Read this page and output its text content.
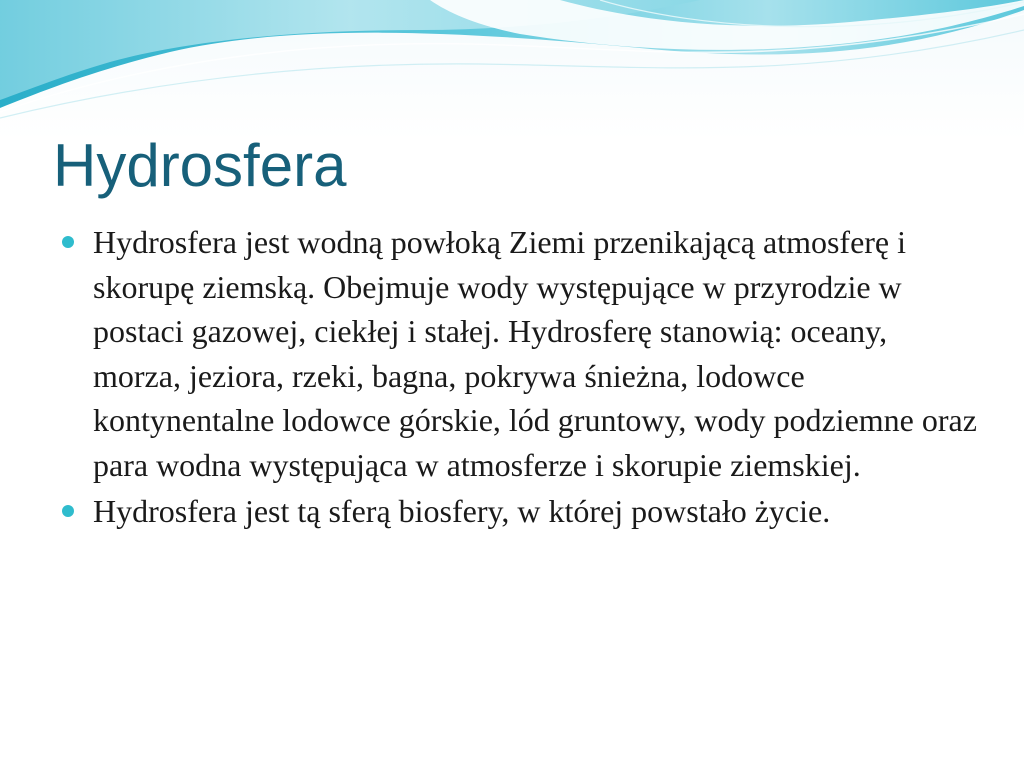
Hydrosfera
Hydrosfera jest wodną powłoką Ziemi przenikającą atmosferę i skorupę ziemską. Obejmuje wody występujące w przyrodzie w postaci gazowej, ciekłej i stałej. Hydrosferę stanowią: oceany, morza, jeziora, rzeki, bagna, pokrywa śnieżna, lodowce kontynentalne lodowce górskie, lód gruntowy, wody podziemne oraz para wodna występująca w atmosferze i skorupie ziemskiej.
Hydrosfera jest tą sferą biosfery, w której powstało życie.
